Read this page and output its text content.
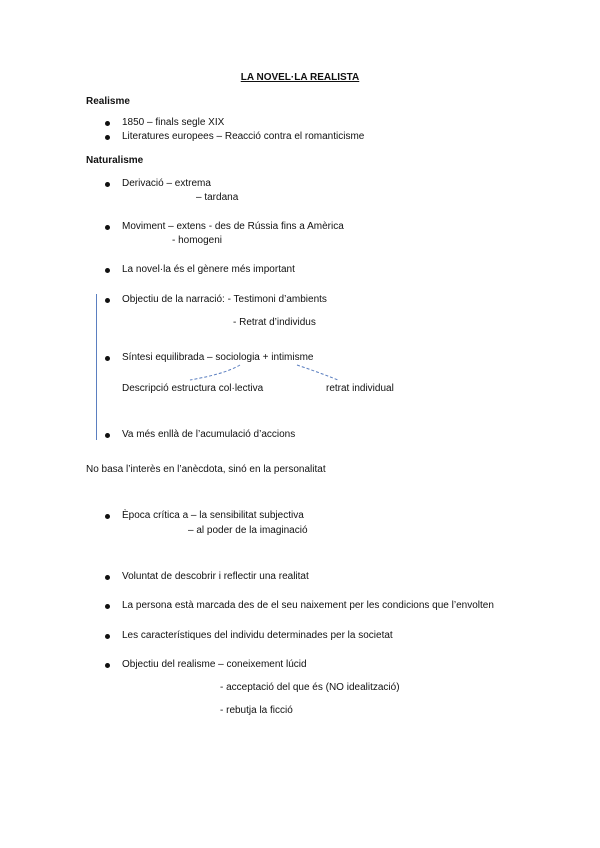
LA NOVEL·LA REALISTA
Realisme
1850 – finals segle XIX
Literatures europees – Reacció contra el romanticisme
Naturalisme
Derivació – extrema
– tardana
Moviment – extens - des de Rússia fins a Amèrica
- homogeni
La novel·la és el gènere més important
Objectiu de la narració: - Testimoni d’ambients
- Retrat d’individus
Síntesi equilibrada – sociologia + intimisme
Descripció estructura col·lectiva	retrat individual
Va més enllà de l’acumulació d’accions
No basa l’interès en l’anècdota, sinó en la personalitat
Època crítica a – la sensibilitat subjectiva
– al poder de la imaginació
Voluntat de descobrir i reflectir una realitat
La persona està marcada des de el seu naixement per les condicions que l’envolten
Les característiques del individu determinades per la societat
Objectiu del realisme – coneixement lúcid
- acceptació del que és (NO idealització)
- rebutja la ficció
